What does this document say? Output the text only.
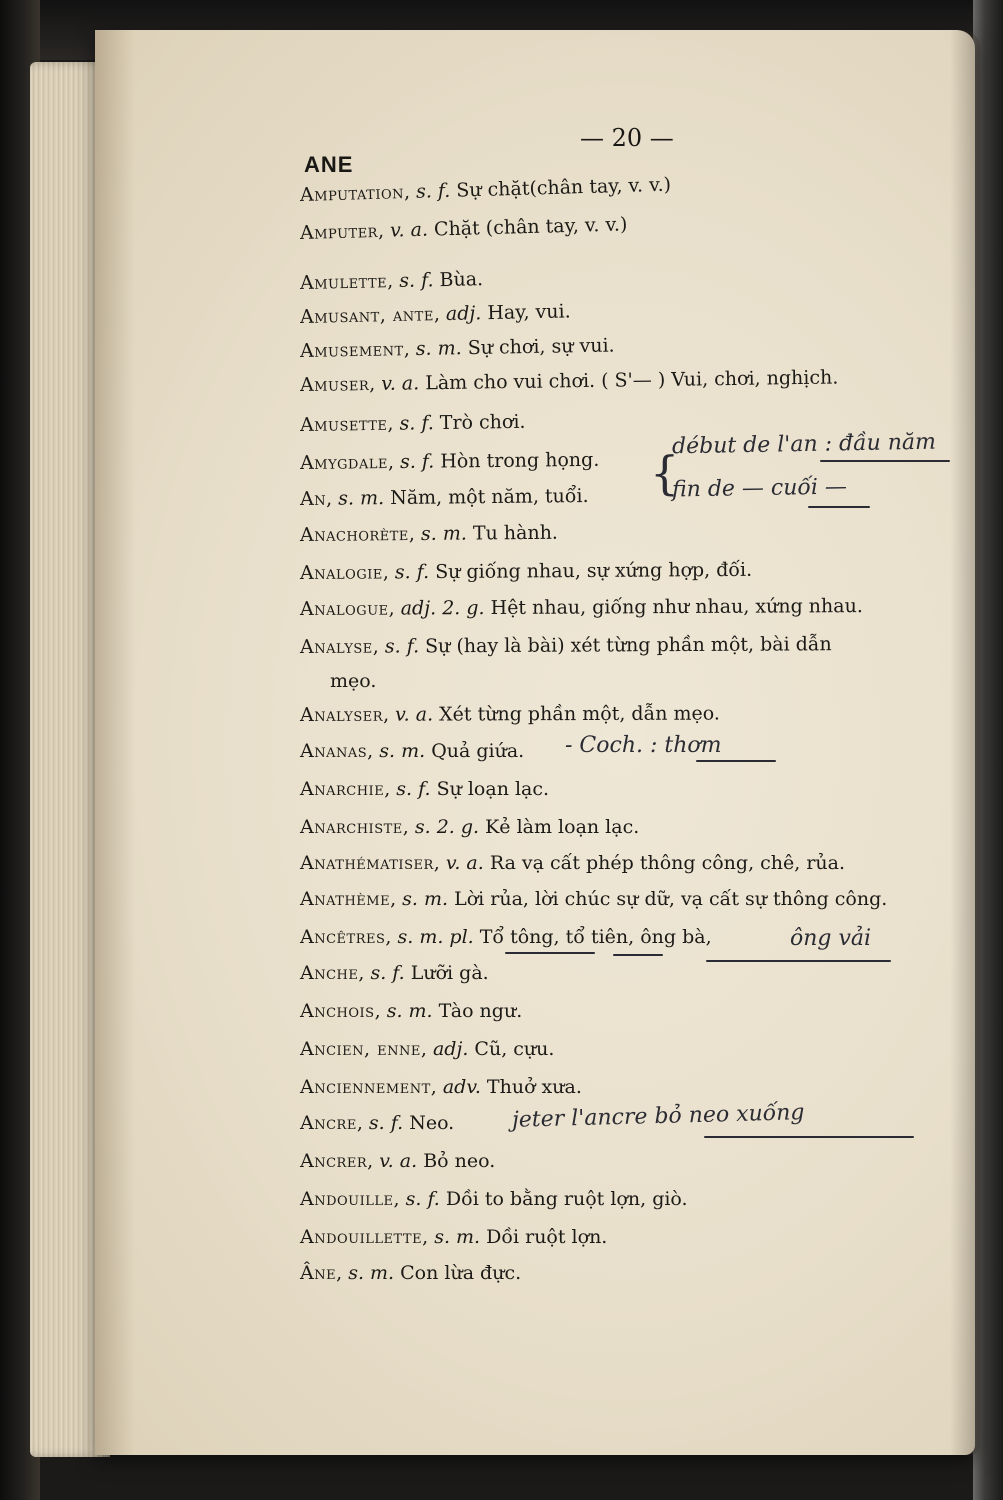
ANE
— 20 —
Amputation, s. f. Sự chặt(chân tay, v. v.)
Amputer, v. a. Chặt (chân tay, v. v.)
Amulette, s. f. Bùa.
Amusant, ante, adj. Hay, vui.
Amusement, s. m. Sự chơi, sự vui.
Amuser, v. a. Làm cho vui chơi. ( S'— ) Vui, chơi, nghịch.
Amusette, s. f. Trò chơi.
Amygdale, s. f. Hòn trong họng.
An, s. m. Năm, một năm, tuổi.
Anachorète, s. m. Tu hành.
Analogie, s. f. Sự giống nhau, sự xứng hợp, đối.
Analogue, adj. 2. g. Hệt nhau, giống như nhau, xứng nhau.
Analyse, s. f. Sự (hay là bài) xét từng phần một, bài dẫn
mẹo.
Analyser, v. a. Xét từng phần một, dẫn mẹo.
Ananas, s. m. Quả giứa.
Anarchie, s. f. Sự loạn lạc.
Anarchiste, s. 2. g. Kẻ làm loạn lạc.
Anathématiser, v. a. Ra vạ cất phép thông công, chê, rủa.
Anathème, s. m. Lời rủa, lời chúc sự dữ, vạ cất sự thông công.
Ancêtres, s. m. pl. Tổ tông, tổ tiên, ông bà,
Anche, s. f. Lưỡi gà.
Anchois, s. m. Tào ngư.
Ancien, enne, adj. Cũ, cựu.
Anciennement, adv. Thuở xưa.
Ancre, s. f. Neo.
Ancrer, v. a. Bỏ neo.
Andouille, s. f. Dồi to bằng ruột lợn, giò.
Andouillette, s. m. Dồi ruột lợn.
Âne, s. m. Con lừa đực.
{
début de l'an : đầu năm
fin de — cuối —
- Coch. : thơm
ông vải
jeter l'ancre bỏ neo xuống
